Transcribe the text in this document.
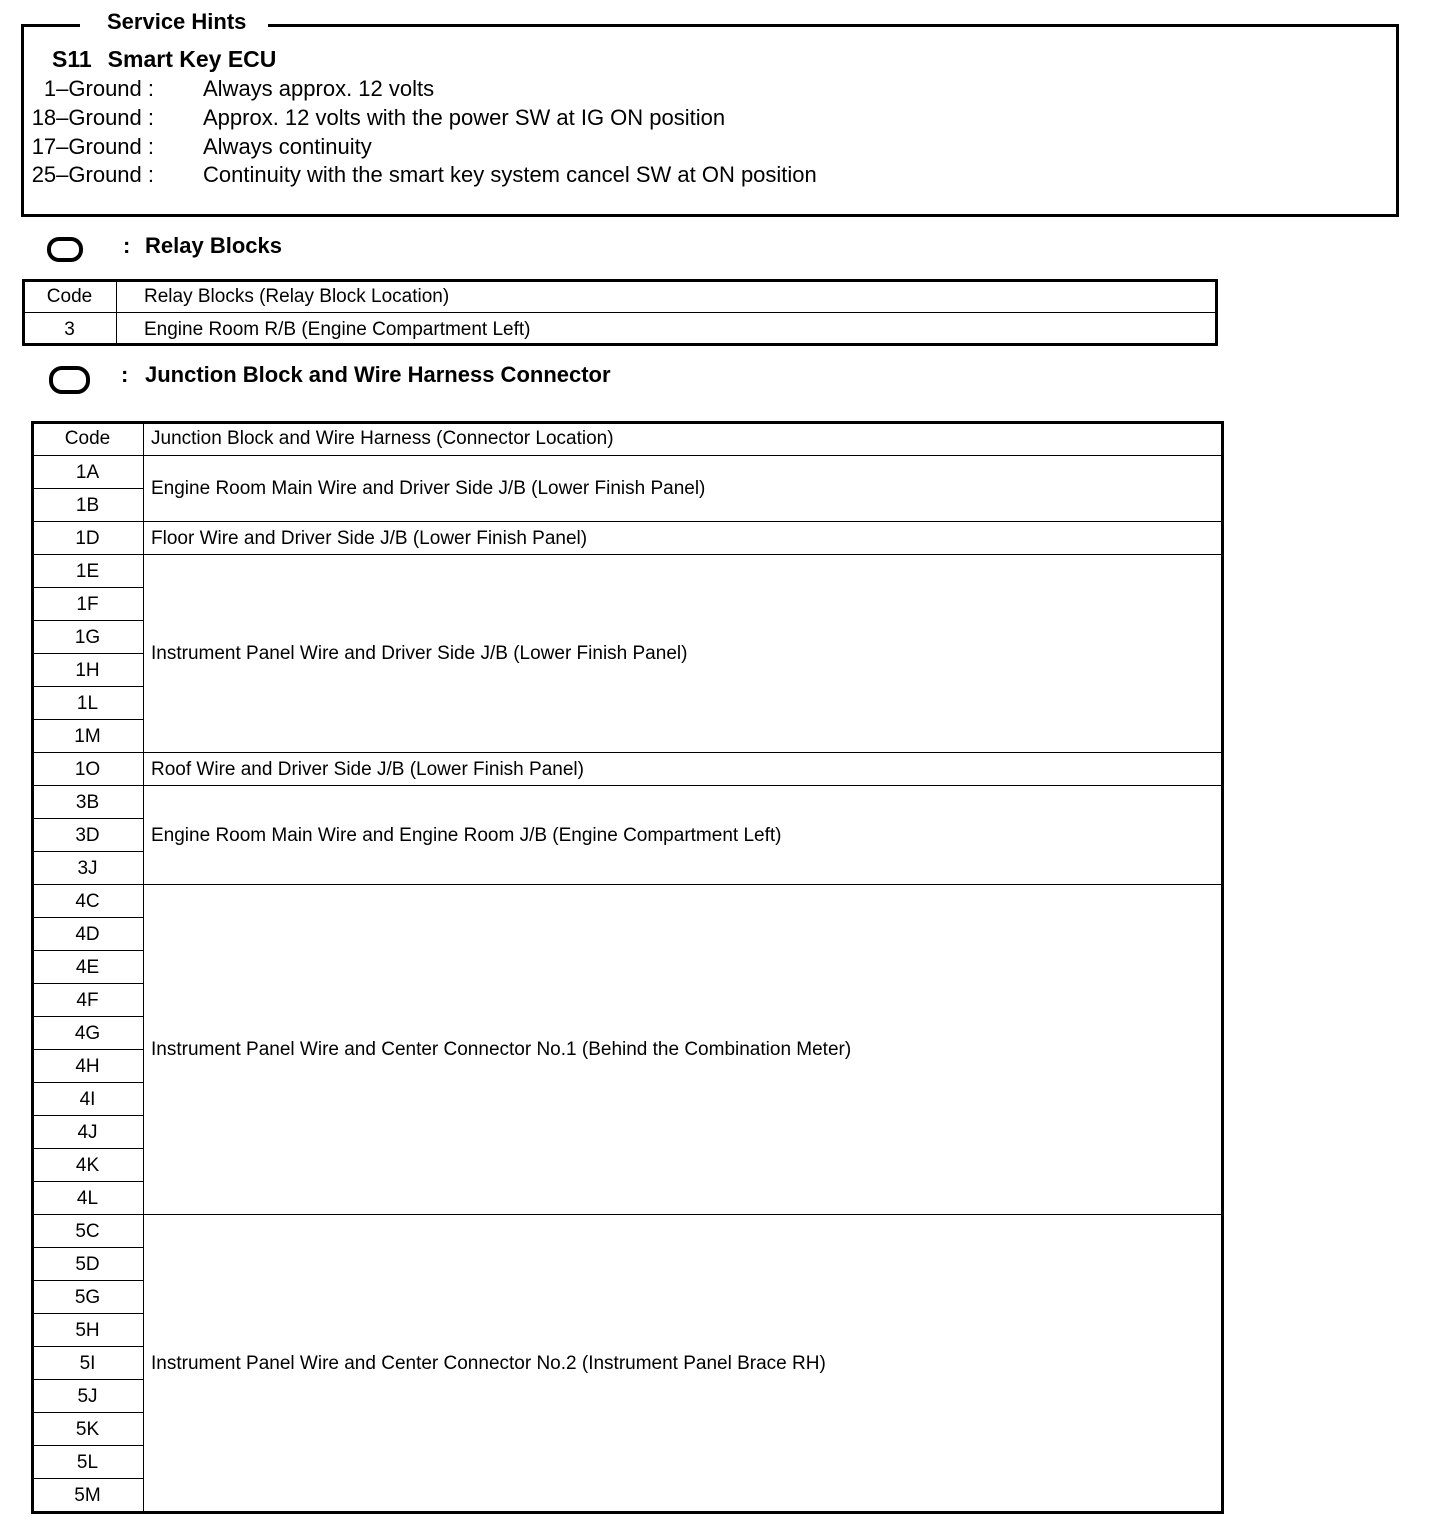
Service Hints
S11 Smart Key ECU
1–Ground : Always approx. 12 volts
18–Ground : Approx. 12 volts with the power SW at IG ON position
17–Ground : Always continuity
25–Ground : Continuity with the smart key system cancel SW at ON position
: Relay Blocks
Code	Relay Blocks (Relay Block Location)
3	Engine Room R/B (Engine Compartment Left)
: Junction Block and Wire Harness Connector
Code	Junction Block and Wire Harness (Connector Location)
1A	Engine Room Main Wire and Driver Side J/B (Lower Finish Panel)
1B	
1D	Floor Wire and Driver Side J/B (Lower Finish Panel)
1E	Instrument Panel Wire and Driver Side J/B (Lower Finish Panel)
1F	
1G	
1H	
1L	
1M	
1O	Roof Wire and Driver Side J/B (Lower Finish Panel)
3B	Engine Room Main Wire and Engine Room J/B (Engine Compartment Left)
3D	
3J	
4C	Instrument Panel Wire and Center Connector No.1 (Behind the Combination Meter)
4D	
4E	
4F	
4G	
4H	
4I	
4J	
4K	
4L	
5C	Instrument Panel Wire and Center Connector No.2 (Instrument Panel Brace RH)
5D	
5G	
5H	
5I	
5J	
5K	
5L	
5M	
